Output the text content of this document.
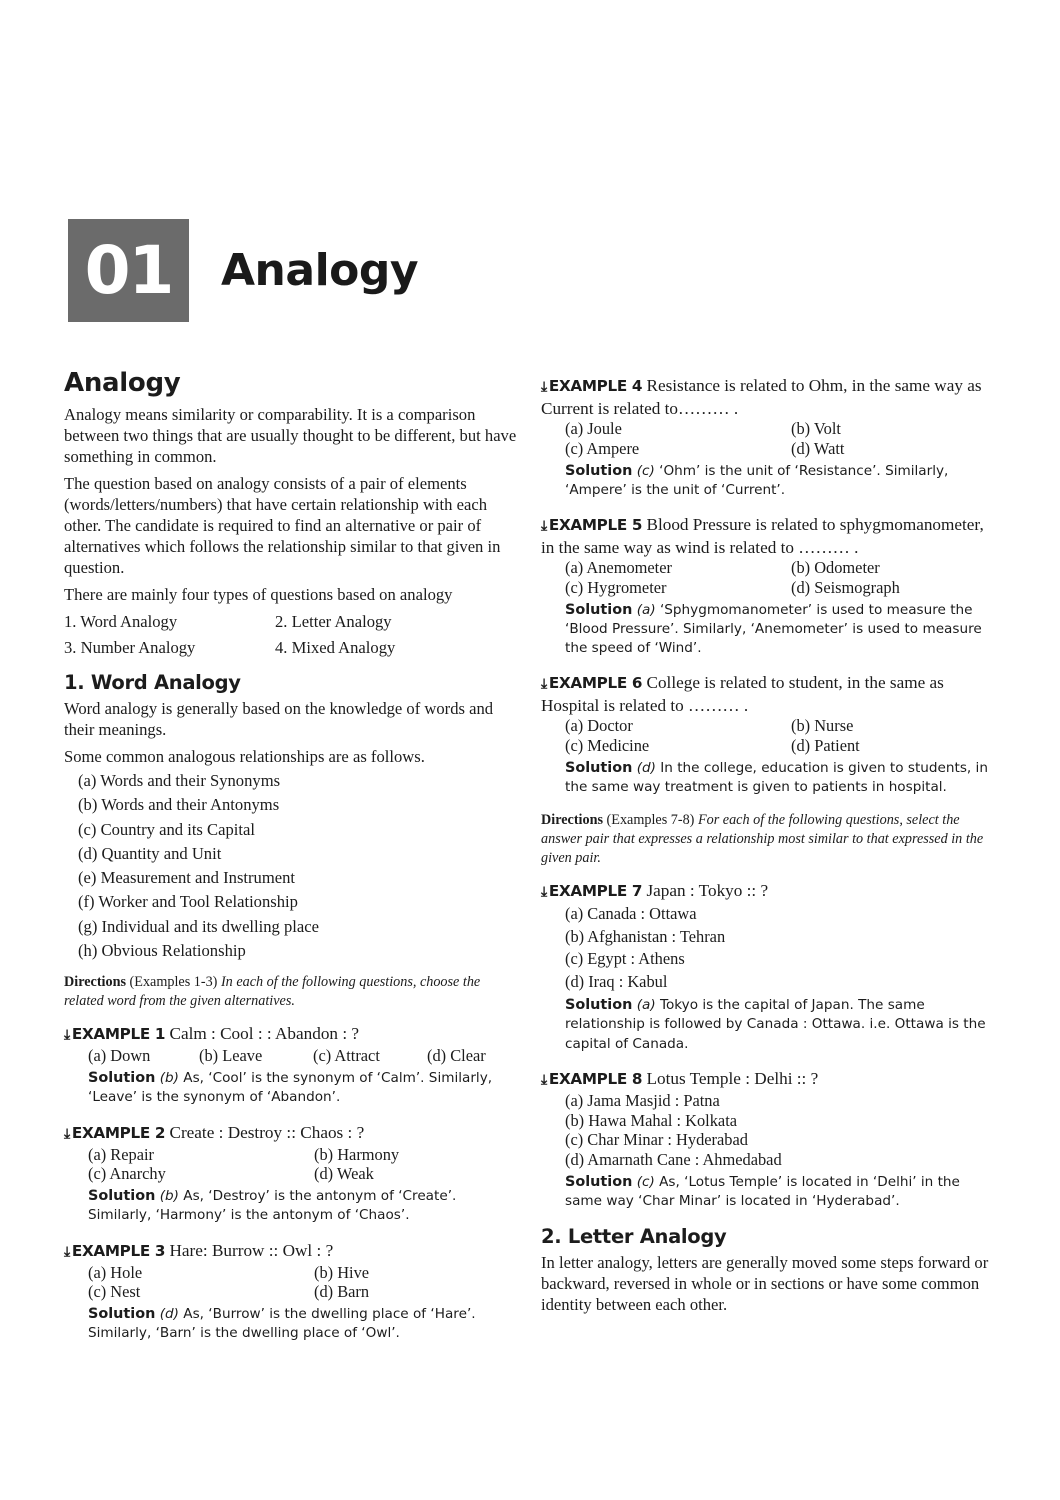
01	Analogy
Analogy

Analogy means similarity or comparability. It is a comparison between two things that are usually thought to be different, but have something in common.

The question based on analogy consists of a pair of elements (words/letters/numbers) that have certain relationship with each other. The candidate is required to find an alternative or pair of alternatives which follows the relationship similar to that given in question.

There are mainly four types of questions based on analogy

1. Word Analogy	2. Letter Analogy
3. Number Analogy	4. Mixed Analogy
1. Word Analogy

Word analogy is generally based on the knowledge of words and their meanings.

Some common analogous relationships are as follows.

(a) Words and their Synonyms
(b) Words and their Antonyms
(c) Country and its Capital
(d) Quantity and Unit
(e) Measurement and Instrument
(f) Worker and Tool Relationship
(g) Individual and its dwelling place
(h) Obvious Relationship
Directions (Examples 1-3) In each of the following questions, choose the related word from the given alternatives.
⤓ EXAMPLE 1 Calm : Cool : : Abandon : ?
(a) Down	(b) Leave	(c) Attract	(d) Clear
Solution (b) As, ‘Cool’ is the synonym of ‘Calm’. Similarly, ‘Leave’ is the synonym of ‘Abandon’.
⤓ EXAMPLE 2 Create : Destroy :: Chaos : ?
(a) Repair	(b) Harmony
(c) Anarchy	(d) Weak
Solution (b) As, ‘Destroy’ is the antonym of ‘Create’. Similarly, ‘Harmony’ is the antonym of ‘Chaos’.
⤓ EXAMPLE 3 Hare: Burrow :: Owl : ?
(a) Hole	(b) Hive
(c) Nest	(d) Barn
Solution (d) As, ‘Burrow’ is the dwelling place of ‘Hare’. Similarly, ‘Barn’ is the dwelling place of ‘Owl’.
⤓ EXAMPLE 4 Resistance is related to Ohm, in the same way as Current is related to……… .
(a) Joule	(b) Volt
(c) Ampere	(d) Watt
Solution (c) ‘Ohm’ is the unit of ‘Resistance’. Similarly, ‘Ampere’ is the unit of ‘Current’.
⤓ EXAMPLE 5 Blood Pressure is related to sphygmomanometer, in the same way as wind is related to ……… .
(a) Anemometer	(b) Odometer
(c) Hygrometer	(d) Seismograph
Solution (a) ‘Sphygmomanometer’ is used to measure the ‘Blood Pressure’. Similarly, ‘Anemometer’ is used to measure the speed of ‘Wind’.
⤓ EXAMPLE 6 College is related to student, in the same as Hospital is related to ……… .
(a) Doctor	(b) Nurse
(c) Medicine	(d) Patient
Solution (d) In the college, education is given to students, in the same way treatment is given to patients in hospital.
Directions (Examples 7-8) For each of the following questions, select the answer pair that expresses a relationship most similar to that expressed in the given pair.
⤓ EXAMPLE 7 Japan : Tokyo :: ?
(a) Canada : Ottawa
(b) Afghanistan : Tehran
(c) Egypt : Athens
(d) Iraq : Kabul
Solution (a) Tokyo is the capital of Japan. The same relationship is followed by Canada : Ottawa. i.e. Ottawa is the capital of Canada.
⤓ EXAMPLE 8 Lotus Temple : Delhi :: ?
(a) Jama Masjid : Patna
(b) Hawa Mahal : Kolkata
(c) Char Minar : Hyderabad
(d) Amarnath Cane : Ahmedabad
Solution (c) As, ‘Lotus Temple’ is located in ‘Delhi’ in the same way ‘Char Minar’ is located in ‘Hyderabad’.
2. Letter Analogy

In letter analogy, letters are generally moved some steps forward or backward, reversed in whole or in sections or have some common identity between each other.
